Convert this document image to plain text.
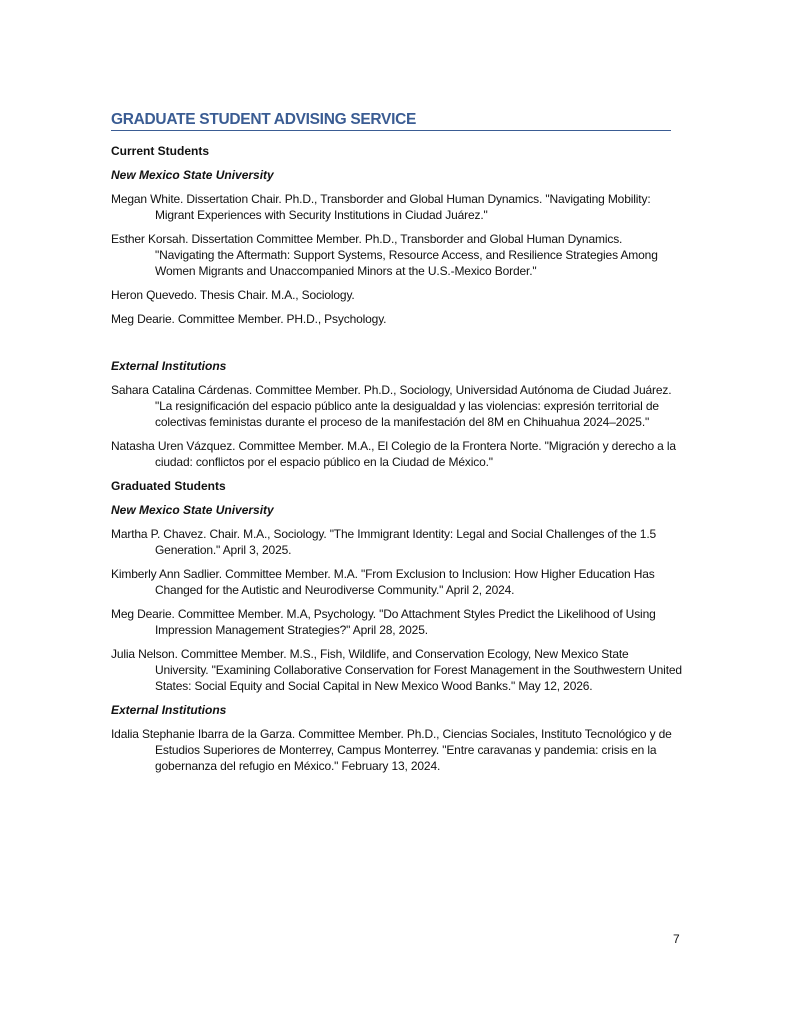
GRADUATE STUDENT ADVISING SERVICE
Current Students
New Mexico State University
Megan White. Dissertation Chair. Ph.D., Transborder and Global Human Dynamics. "Navigating Mobility: Migrant Experiences with Security Institutions in Ciudad Juárez."
Esther Korsah. Dissertation Committee Member. Ph.D., Transborder and Global Human Dynamics. "Navigating the Aftermath: Support Systems, Resource Access, and Resilience Strategies Among Women Migrants and Unaccompanied Minors at the U.S.-Mexico Border."
Heron Quevedo. Thesis Chair. M.A., Sociology.
Meg Dearie. Committee Member. PH.D., Psychology.
External Institutions
Sahara Catalina Cárdenas. Committee Member. Ph.D., Sociology, Universidad Autónoma de Ciudad Juárez. "La resignificación del espacio público ante la desigualdad y las violencias: expresión territorial de colectivas feministas durante el proceso de la manifestación del 8M en Chihuahua 2024–2025."
Natasha Uren Vázquez. Committee Member. M.A., El Colegio de la Frontera Norte. "Migración y derecho a la ciudad: conflictos por el espacio público en la Ciudad de México."
Graduated Students
New Mexico State University
Martha P. Chavez. Chair. M.A., Sociology. "The Immigrant Identity: Legal and Social Challenges of the 1.5 Generation." April 3, 2025.
Kimberly Ann Sadlier. Committee Member. M.A. "From Exclusion to Inclusion: How Higher Education Has Changed for the Autistic and Neurodiverse Community." April 2, 2024.
Meg Dearie. Committee Member. M.A, Psychology. "Do Attachment Styles Predict the Likelihood of Using Impression Management Strategies?" April 28, 2025.
Julia Nelson. Committee Member. M.S., Fish, Wildlife, and Conservation Ecology, New Mexico State University. "Examining Collaborative Conservation for Forest Management in the Southwestern United States: Social Equity and Social Capital in New Mexico Wood Banks." May 12, 2026.
External Institutions
Idalia Stephanie Ibarra de la Garza. Committee Member. Ph.D., Ciencias Sociales, Instituto Tecnológico y de Estudios Superiores de Monterrey, Campus Monterrey. "Entre caravanas y pandemia: crisis en la gobernanza del refugio en México." February 13, 2024.
7
